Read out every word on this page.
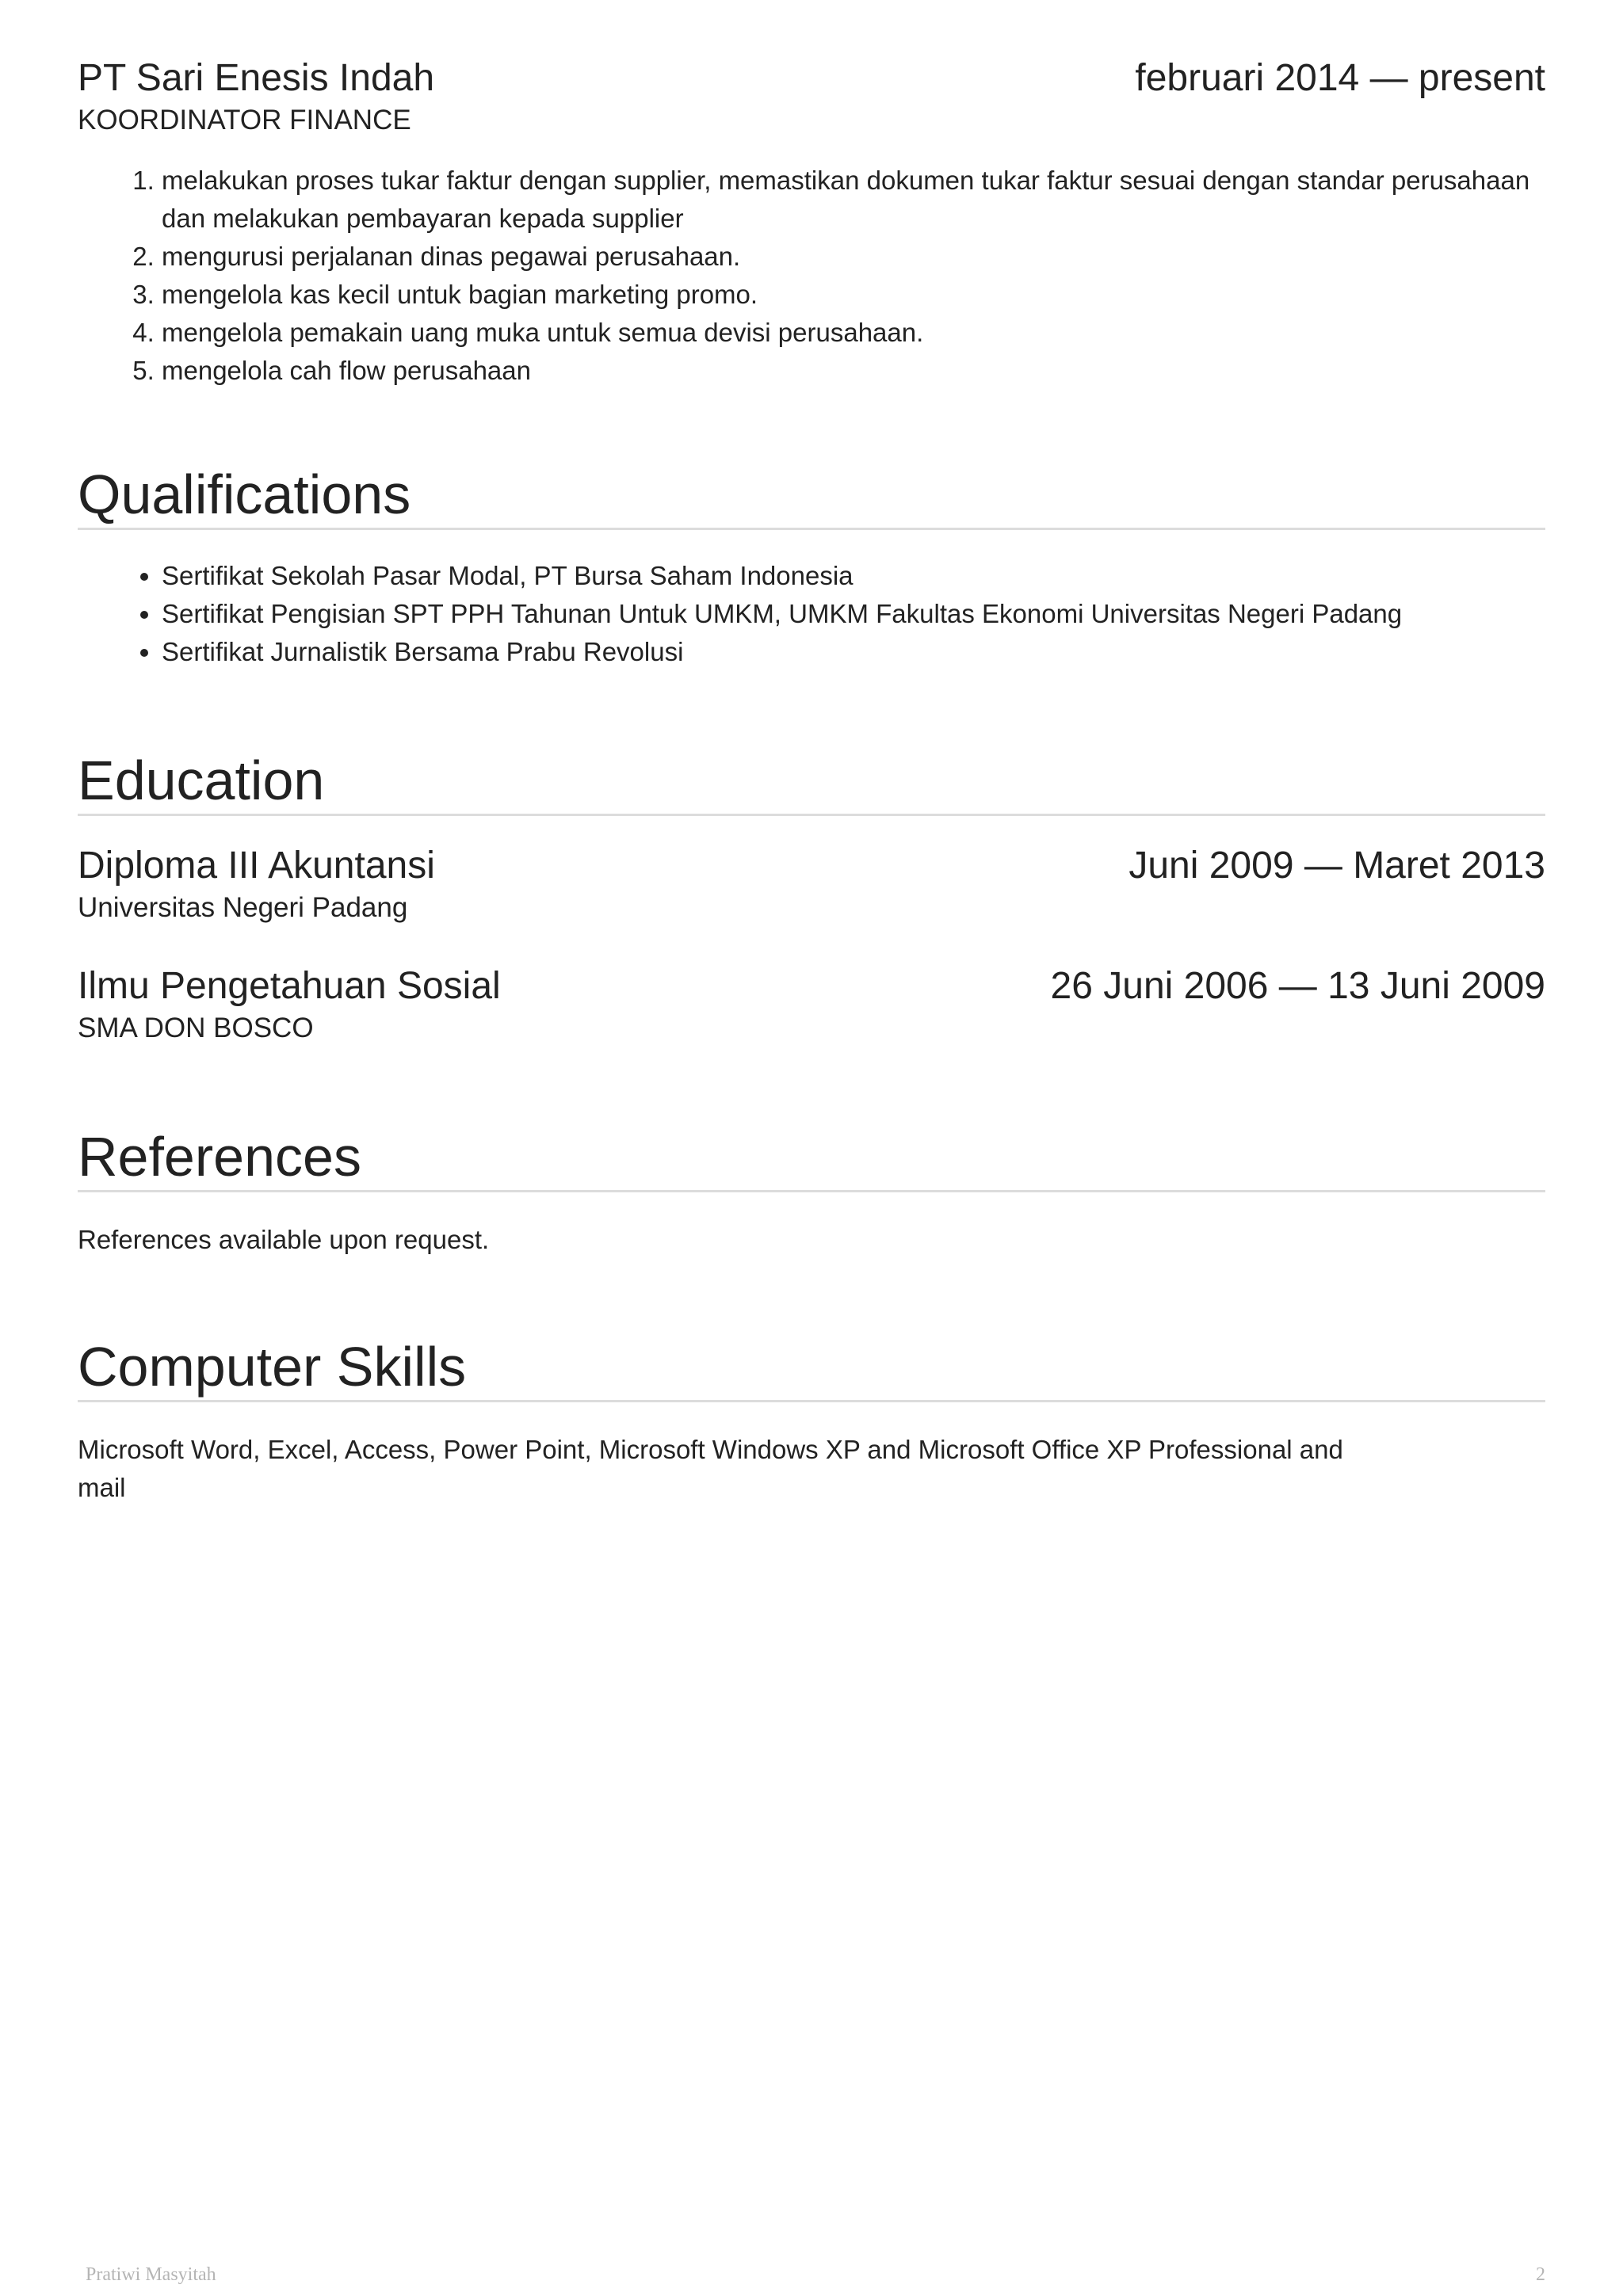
PT Sari Enesis Indah	februari 2014 — present
KOORDINATOR FINANCE
1. melakukan proses tukar faktur dengan supplier, memastikan dokumen tukar faktur sesuai dengan standar perusahaan dan melakukan pembayaran kepada supplier
2. mengurusi perjalanan dinas pegawai perusahaan.
3. mengelola kas kecil untuk bagian marketing promo.
4. mengelola pemakain uang muka untuk semua devisi perusahaan.
5. mengelola cah flow perusahaan
Qualifications
• Sertifikat Sekolah Pasar Modal, PT Bursa Saham Indonesia
• Sertifikat Pengisian SPT PPH Tahunan Untuk UMKM, UMKM Fakultas Ekonomi Universitas Negeri Padang
• Sertifikat Jurnalistik Bersama Prabu Revolusi
Education
Diploma III Akuntansi	Juni 2009 — Maret 2013
Universitas Negeri Padang
Ilmu Pengetahuan Sosial	26 Juni 2006 — 13 Juni 2009
SMA DON BOSCO
References
References available upon request.
Computer Skills
Microsoft Word, Excel, Access, Power Point, Microsoft Windows XP and Microsoft Office XP Professional and mail
Pratiwi Masyitah	2
